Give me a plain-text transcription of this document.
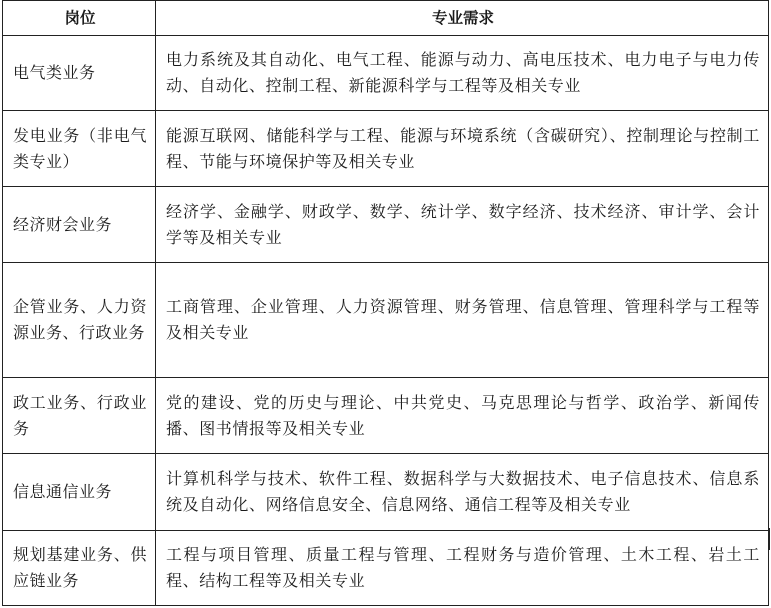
岗位	专业需求
电气类业务	电力系统及其自动化、电气工程、能源与动力、高电压技术、电力电子与电力传动、自动化、控制工程、新能源科学与工程等及相关专业
发电业务（非电气类专业）	能源互联网、储能科学与工程、能源与环境系统（含碳研究）、控制理论与控制工程、节能与环境保护等及相关专业
经济财会业务	经济学、金融学、财政学、数学、统计学、数字经济、技术经济、审计学、会计学等及相关专业
企管业务、人力资源业务、行政业务	工商管理、企业管理、人力资源管理、财务管理、信息管理、管理科学与工程等及相关专业
政工业务、行政业务	党的建设、党的历史与理论、中共党史、马克思理论与哲学、政治学、新闻传播、图书情报等及相关专业
信息通信业务	计算机科学与技术、软件工程、数据科学与大数据技术、电子信息技术、信息系统及自动化、网络信息安全、信息网络、通信工程等及相关专业
规划基建业务、供应链业务	工程与项目管理、质量工程与管理、工程财务与造价管理、土木工程、岩土工程、结构工程等及相关专业
